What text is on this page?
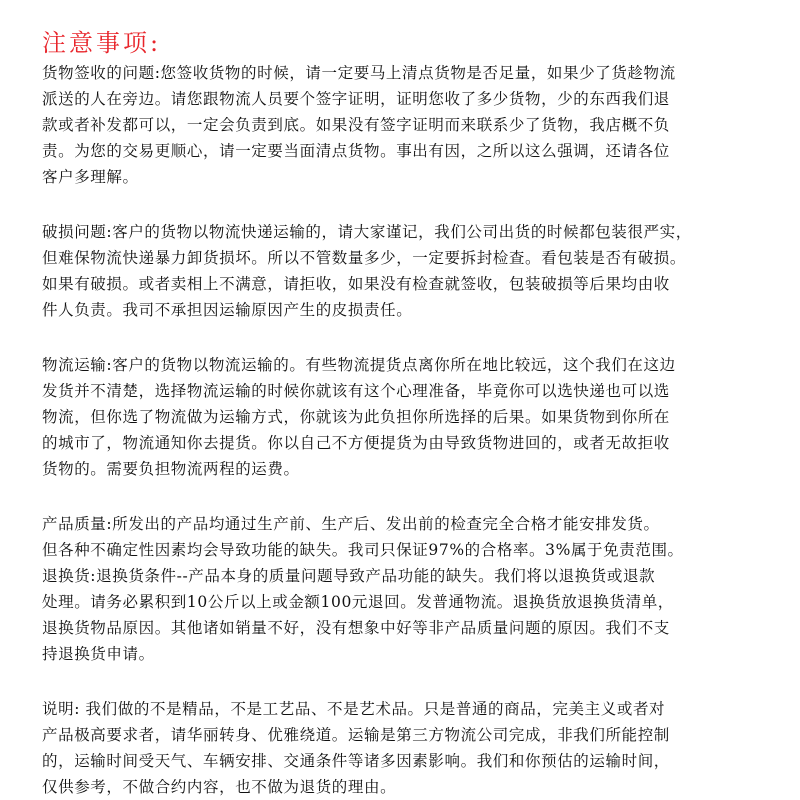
注意事项:

货物签收的问题:您签收货物的时候，请一定要马上清点货物是否足量，如果少了货趁物流
派送的人在旁边。请您跟物流人员要个签字证明，证明您收了多少货物，少的东西我们退
款或者补发都可以，一定会负责到底。如果没有签字证明而来联系少了货物，我店概不负
责。为您的交易更顺心，请一定要当面清点货物。事出有因，之所以这么强调，还请各位
客户多理解。

破损问题:客户的货物以物流快递运输的，请大家谨记，我们公司出货的时候都包装很严实，
但难保物流快递暴力卸货损坏。所以不管数量多少，一定要拆封检查。看包装是否有破损。
如果有破损。或者卖相上不满意，请拒收，如果没有检查就签收，包装破损等后果均由收
件人负责。我司不承担因运输原因产生的皮损责任。

物流运输:客户的货物以物流运输的。有些物流提货点离你所在地比较远，这个我们在这边
发货并不清楚，选择物流运输的时候你就该有这个心理准备，毕竟你可以选快递也可以选
物流，但你选了物流做为运输方式，你就该为此负担你所选择的后果。如果货物到你所在
的城市了，物流通知你去提货。你以自己不方便提货为由导致货物进回的，或者无故拒收
货物的。需要负担物流两程的运费。

产品质量:所发出的产品均通过生产前、生产后、发出前的检查完全合格才能安排发货。
但各种不确定性因素均会导致功能的缺失。我司只保证97%的合格率。3%属于免责范围。
退换货:退换货条件--产品本身的质量问题导致产品功能的缺失。我们将以退换货或退款
处理。请务必累积到10公斤以上或金额100元退回。发普通物流。退换货放退换货清单，
退换货物品原因。其他诸如销量不好，没有想象中好等非产品质量问题的原因。我们不支
持退换货申请。

说明: 我们做的不是精品，不是工艺品、不是艺术品。只是普通的商品，完美主义或者对
产品极高要求者，请华丽转身、优雅绕道。运输是第三方物流公司完成，非我们所能控制
的，运输时间受天气、车辆安排、交通条件等诸多因素影响。我们和你预估的运输时间，
仅供参考，不做合约内容，也不做为退货的理由。
